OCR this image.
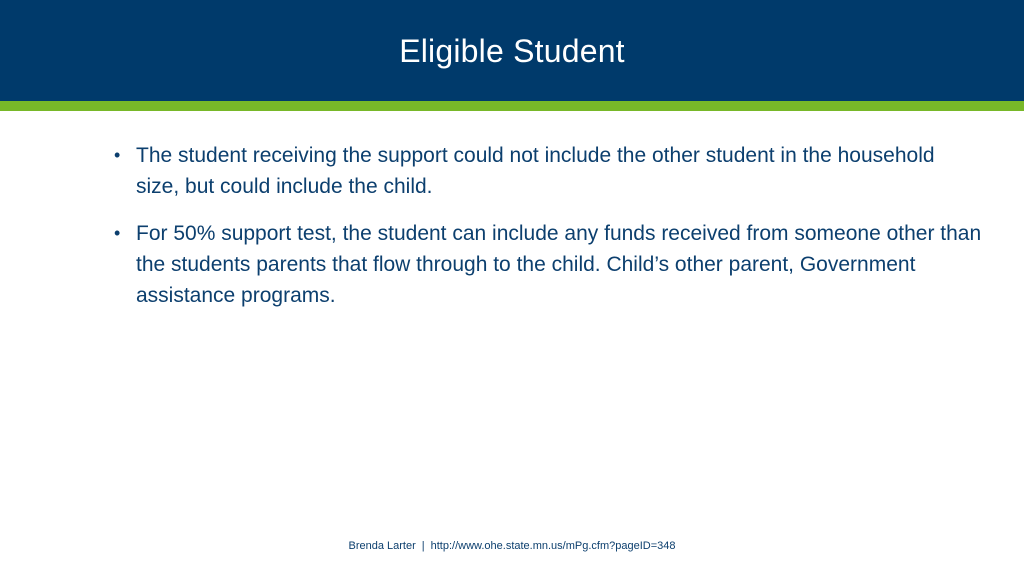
Eligible Student
• The student receiving the support could not include the other student in the household size, but could include the child.
• For 50% support test, the student can include any funds received from someone other than the students parents that flow through to the child. Child’s other parent, Government assistance programs.
Brenda Larter | http://www.ohe.state.mn.us/mPg.cfm?pageID=348
